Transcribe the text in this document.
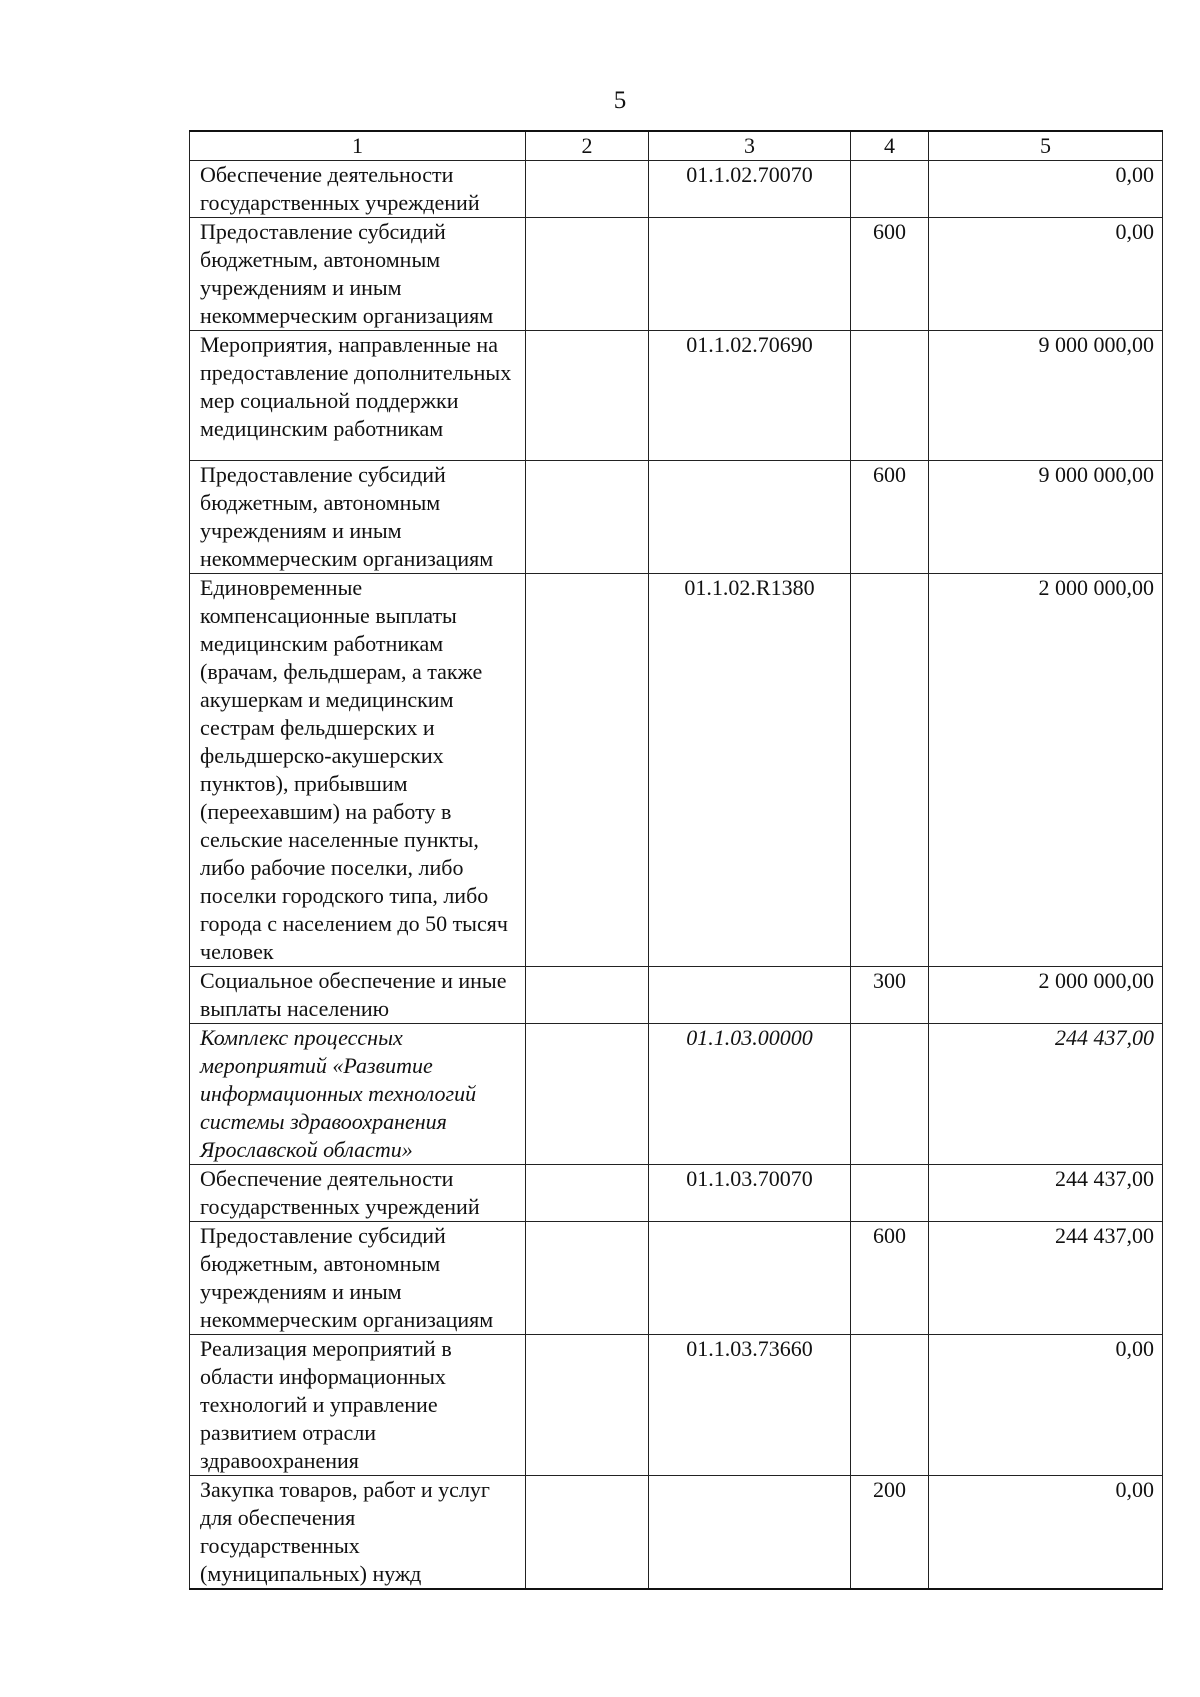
5
1	2	3	4	5
Обеспечение деятельности государственных учреждений		01.1.02.70070		0,00
Предоставление субсидий бюджетным, автономным учреждениям и иным некоммерческим организациям			600	0,00
Мероприятия, направленные на предоставление дополнительных мер социальной поддержки медицинским работникам		01.1.02.70690		9 000 000,00
Предоставление субсидий бюджетным, автономным учреждениям и иным некоммерческим организациям			600	9 000 000,00
Единовременные компенсационные выплаты медицинским работникам (врачам, фельдшерам, а также акушеркам и медицинским сестрам фельдшерских и фельдшерско-акушерских пунктов), прибывшим (переехавшим) на работу в сельские населенные пункты, либо рабочие поселки, либо поселки городского типа, либо города с населением до 50 тысяч человек		01.1.02.R1380		2 000 000,00
Социальное обеспечение и иные выплаты населению			300	2 000 000,00
Комплекс процессных мероприятий «Развитие информационных технологий системы здравоохранения Ярославской области»		01.1.03.00000		244 437,00
Обеспечение деятельности государственных учреждений		01.1.03.70070		244 437,00
Предоставление субсидий бюджетным, автономным учреждениям и иным некоммерческим организациям			600	244 437,00
Реализация мероприятий в области информационных технологий и управление развитием отрасли здравоохранения		01.1.03.73660		0,00
Закупка товаров, работ и услуг для обеспечения государственных (муниципальных) нужд			200	0,00
